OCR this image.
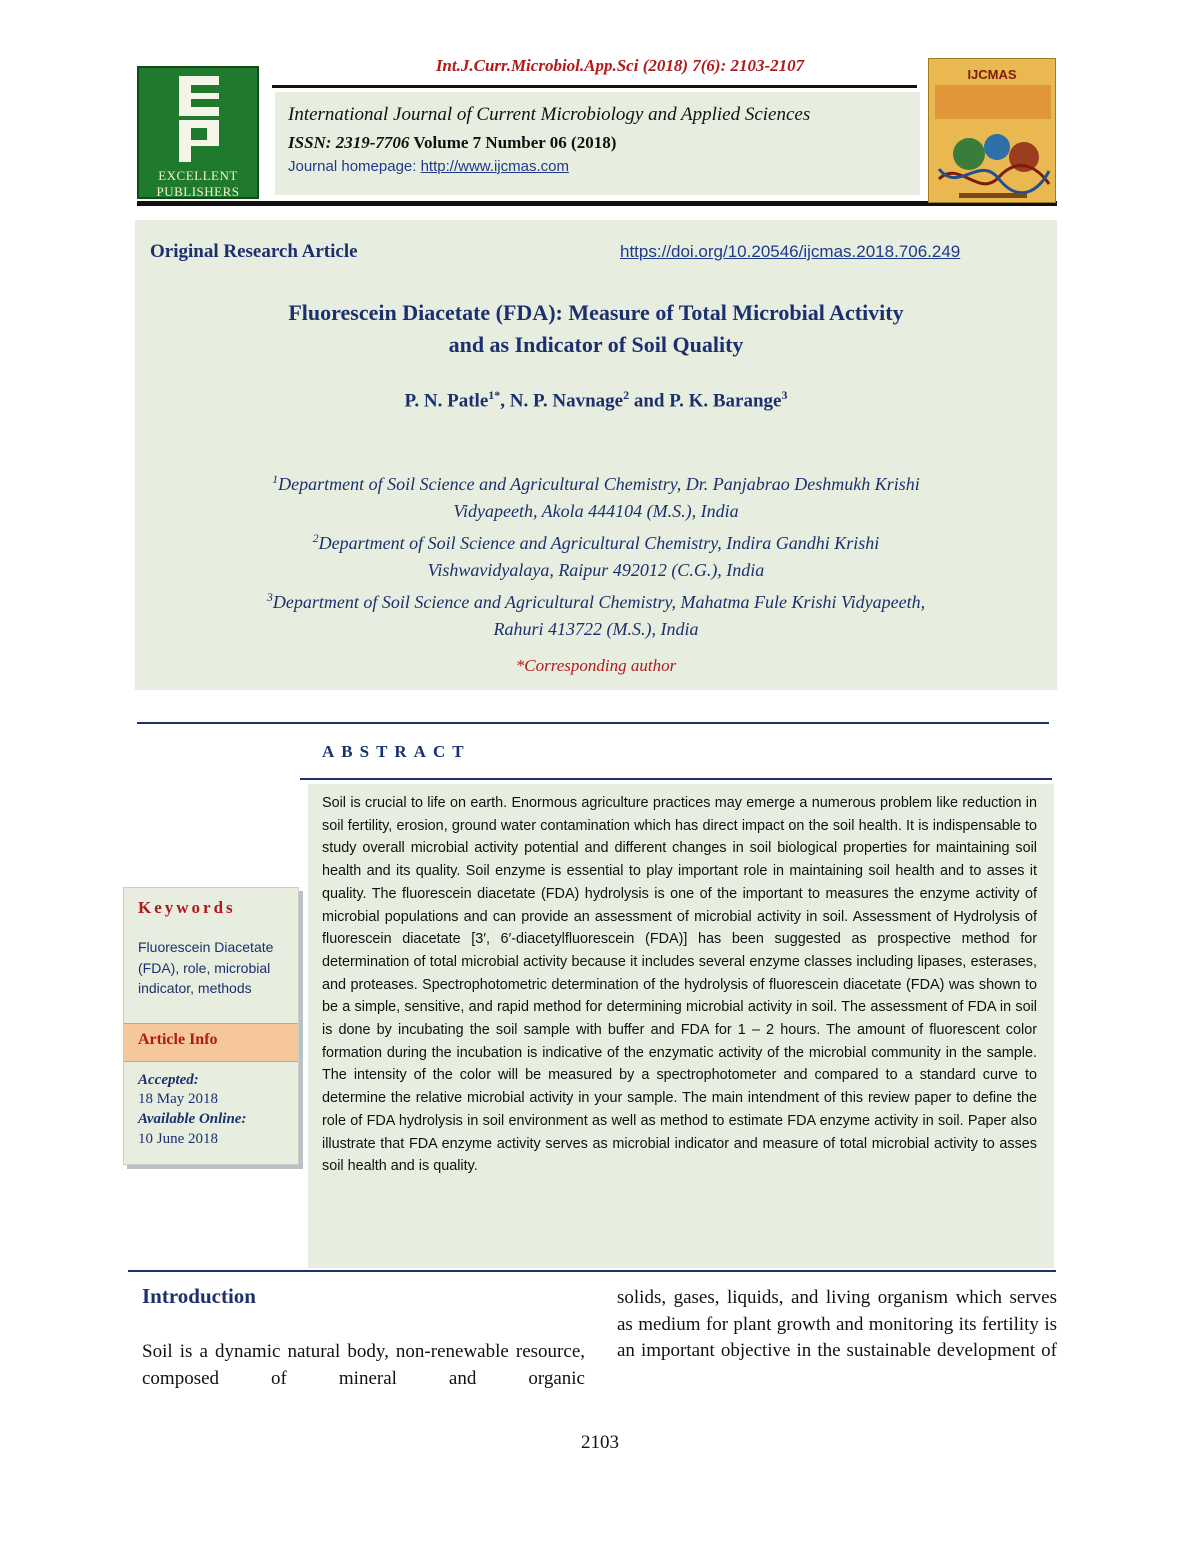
Int.J.Curr.Microbiol.App.Sci (2018) 7(6): 2103-2107
EXCELLENT
PUBLISHERS
International Journal of Current Microbiology and Applied Sciences
ISSN: 2319-7706 Volume 7 Number 06 (2018)
Journal homepage: http://www.ijcmas.com
IJCMAS
Original Research Article	https://doi.org/10.20546/ijcmas.2018.706.249
Fluorescein Diacetate (FDA): Measure of Total Microbial Activity
and as Indicator of Soil Quality
P. N. Patle$^{1*}$, N. P. Navnage$^2$ and P. K. Barange$^3$
$^1$Department of Soil Science and Agricultural Chemistry, Dr. Panjabrao Deshmukh Krishi
Vidyapeeth, Akola 444104 (M.S.), India
$^2$Department of Soil Science and Agricultural Chemistry, Indira Gandhi Krishi
Vishwavidyalaya, Raipur 492012 (C.G.), India
$^3$Department of Soil Science and Agricultural Chemistry, Mahatma Fule Krishi Vidyapeeth,
Rahuri 413722 (M.S.), India
*Corresponding author
ABSTRACT
Soil is crucial to life on earth. Enormous agriculture practices may emerge a numerous problem like reduction in soil fertility, erosion, ground water contamination which has direct impact on the soil health. It is indispensable to study overall microbial activity potential and different changes in soil biological properties for maintaining soil health and its quality. Soil enzyme is essential to play important role in maintaining soil health and to asses it quality. The fluorescein diacetate (FDA) hydrolysis is one of the important to measures the enzyme activity of microbial populations and can provide an assessment of microbial activity in soil. Assessment of Hydrolysis of fluorescein diacetate [3′, 6′-diacetylfluorescein (FDA)] has been suggested as prospective method for determination of total microbial activity because it includes several enzyme classes including lipases, esterases, and proteases. Spectrophotometric determination of the hydrolysis of fluorescein diacetate (FDA) was shown to be a simple, sensitive, and rapid method for determining microbial activity in soil. The assessment of FDA in soil is done by incubating the soil sample with buffer and FDA for 1 – 2 hours. The amount of fluorescent color formation during the incubation is indicative of the enzymatic activity of the microbial community in the sample. The intensity of the color will be measured by a spectrophotometer and compared to a standard curve to determine the relative microbial activity in your sample. The main intendment of this review paper to define the role of FDA hydrolysis in soil environment as well as method to estimate FDA enzyme activity in soil. Paper also illustrate that FDA enzyme activity serves as microbial indicator and measure of total microbial activity to asses soil health and is quality.
Keywords
Fluorescein Diacetate (FDA), role, microbial indicator, methods
Article Info
Accepted:
18 May 2018
Available Online:
10 June 2018
Introduction
Soil is a dynamic natural body, non-renewable resource, composed of mineral and organic
solids, gases, liquids, and living organism which serves as medium for plant growth and monitoring its fertility is an important objective in the sustainable development of
2103
